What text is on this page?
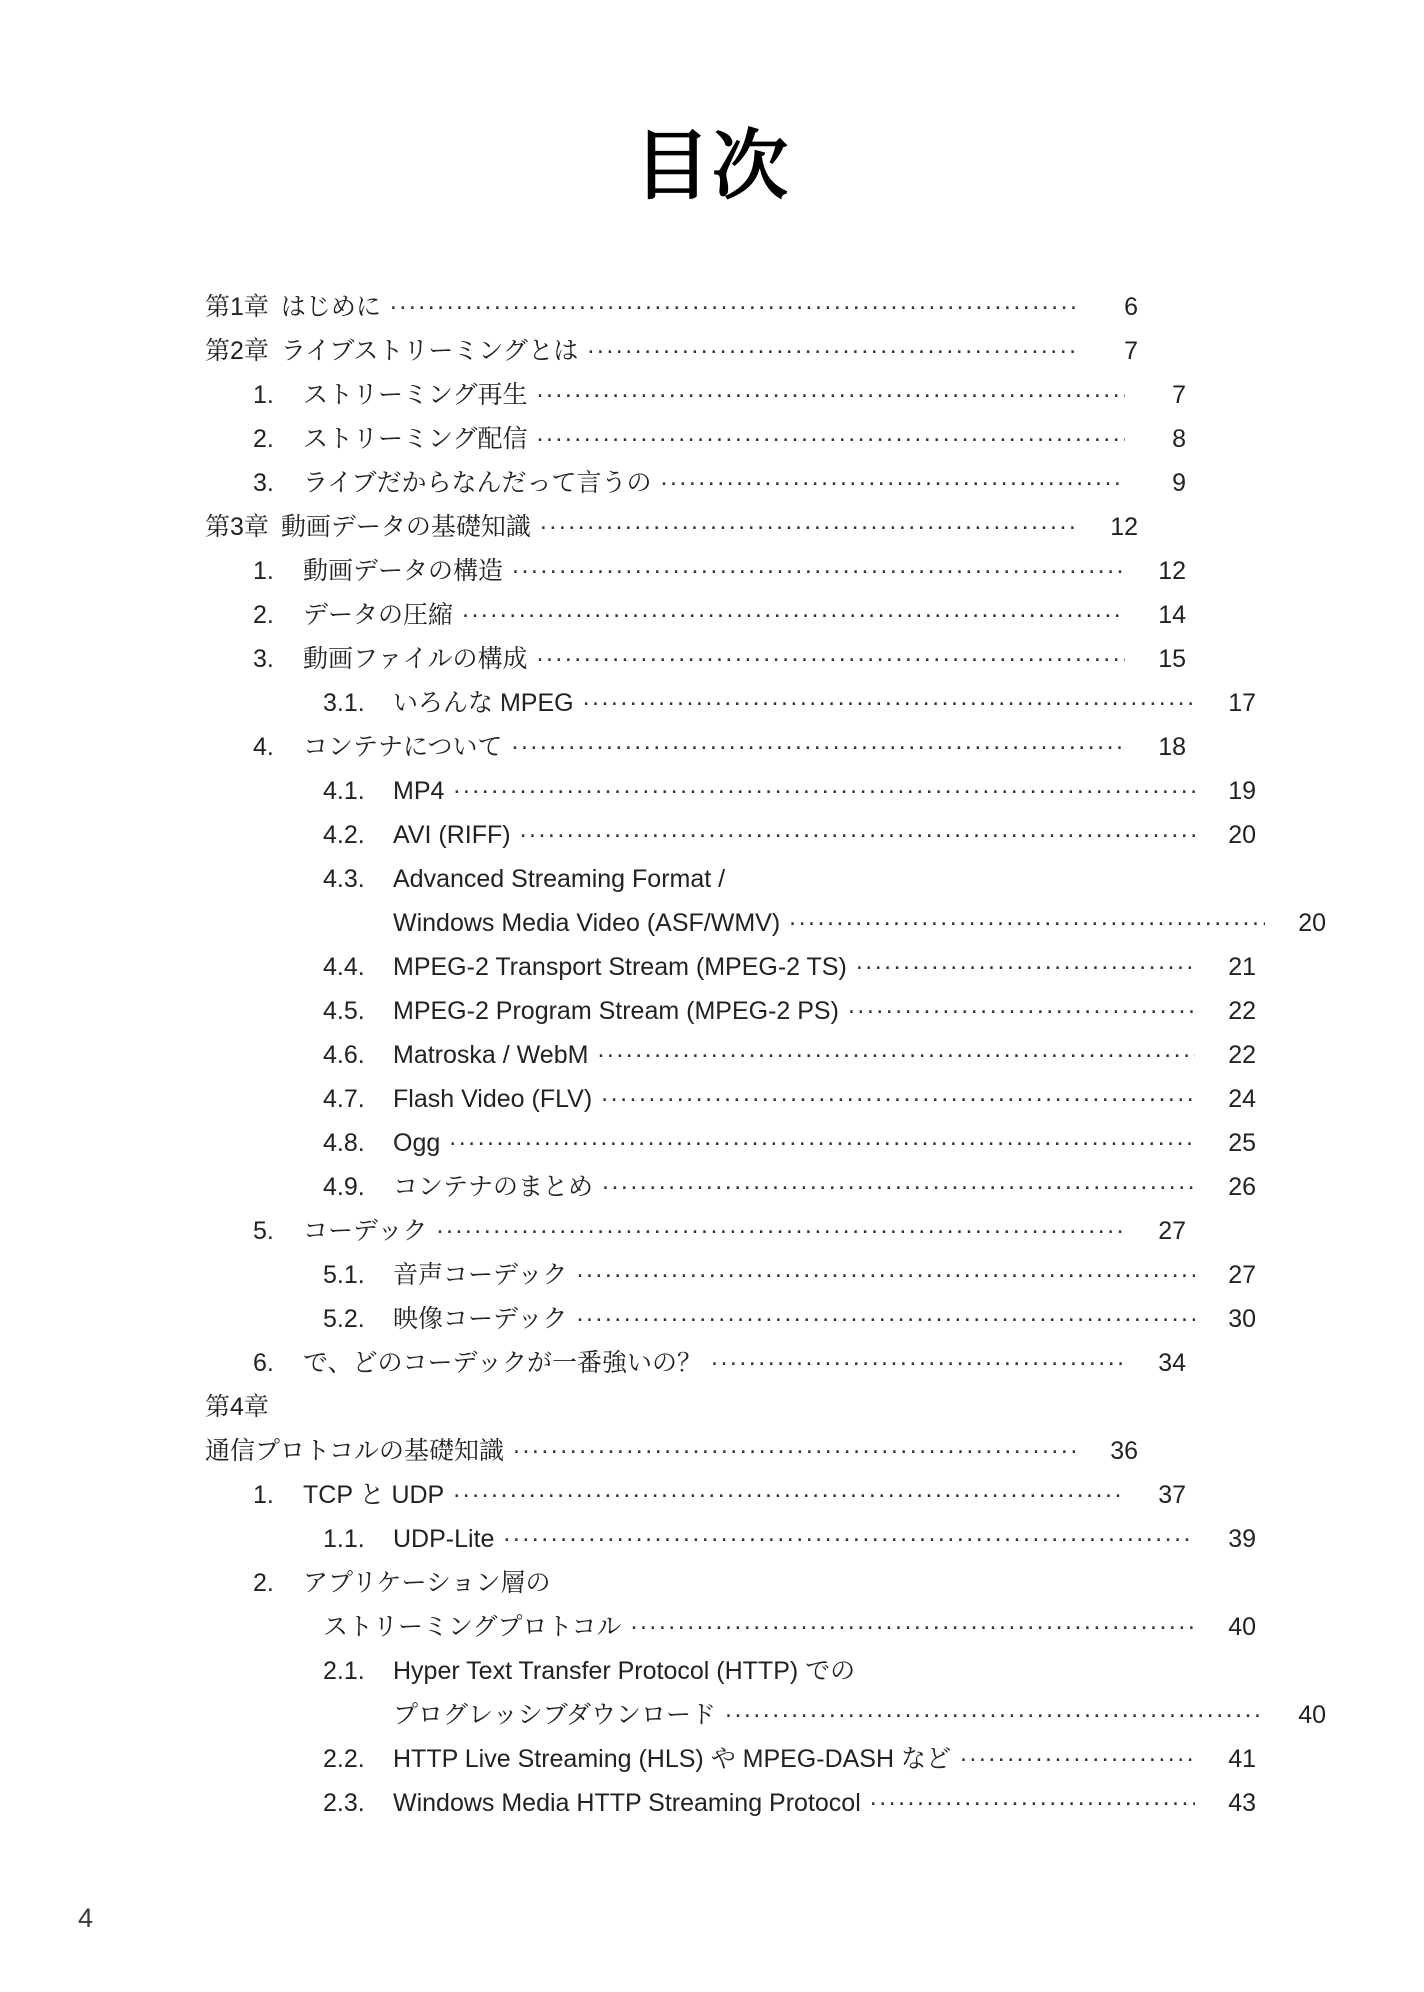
目次
第1章 はじめに .....	6
第2章 ライブストリーミングとは .....	7
1.	ストリーミング再生 .....	7
2.	ストリーミング配信 .....	8
3.	ライブだからなんだって言うの .....	9
第3章 動画データの基礎知識 .....	12
1.	動画データの構造 .....	12
2.	データの圧縮 .....	14
3.	動画ファイルの構成 .....	15
3.1.	いろんな MPEG .....	17
4.	コンテナについて .....	18
4.1.	MP4 .....	19
4.2.	AVI (RIFF) .....	20
4.3.	Advanced Streaming Format /
Windows Media Video (ASF/WMV) .....	20
4.4.	MPEG-2 Transport Stream (MPEG-2 TS) .....	21
4.5.	MPEG-2 Program Stream (MPEG-2 PS) .....	22
4.6.	Matroska / WebM .....	22
4.7.	Flash Video (FLV) .....	24
4.8.	Ogg .....	25
4.9.	コンテナのまとめ .....	26
5.	コーデック .....	27
5.1.	音声コーデック .....	27
5.2.	映像コーデック .....	30
6.	で、どのコーデックが一番強いの？ .....	34
第4章
通信プロトコルの基礎知識 .....	36
1.	TCP と UDP .....	37
1.1.	UDP-Lite .....	39
2.	アプリケーション層の
ストリーミングプロトコル .....	40
2.1.	Hyper Text Transfer Protocol (HTTP) での
プログレッシブダウンロード .....	40
2.2.	HTTP Live Streaming (HLS) や MPEG-DASH など .....	41
2.3.	Windows Media HTTP Streaming Protocol .....	43
4
